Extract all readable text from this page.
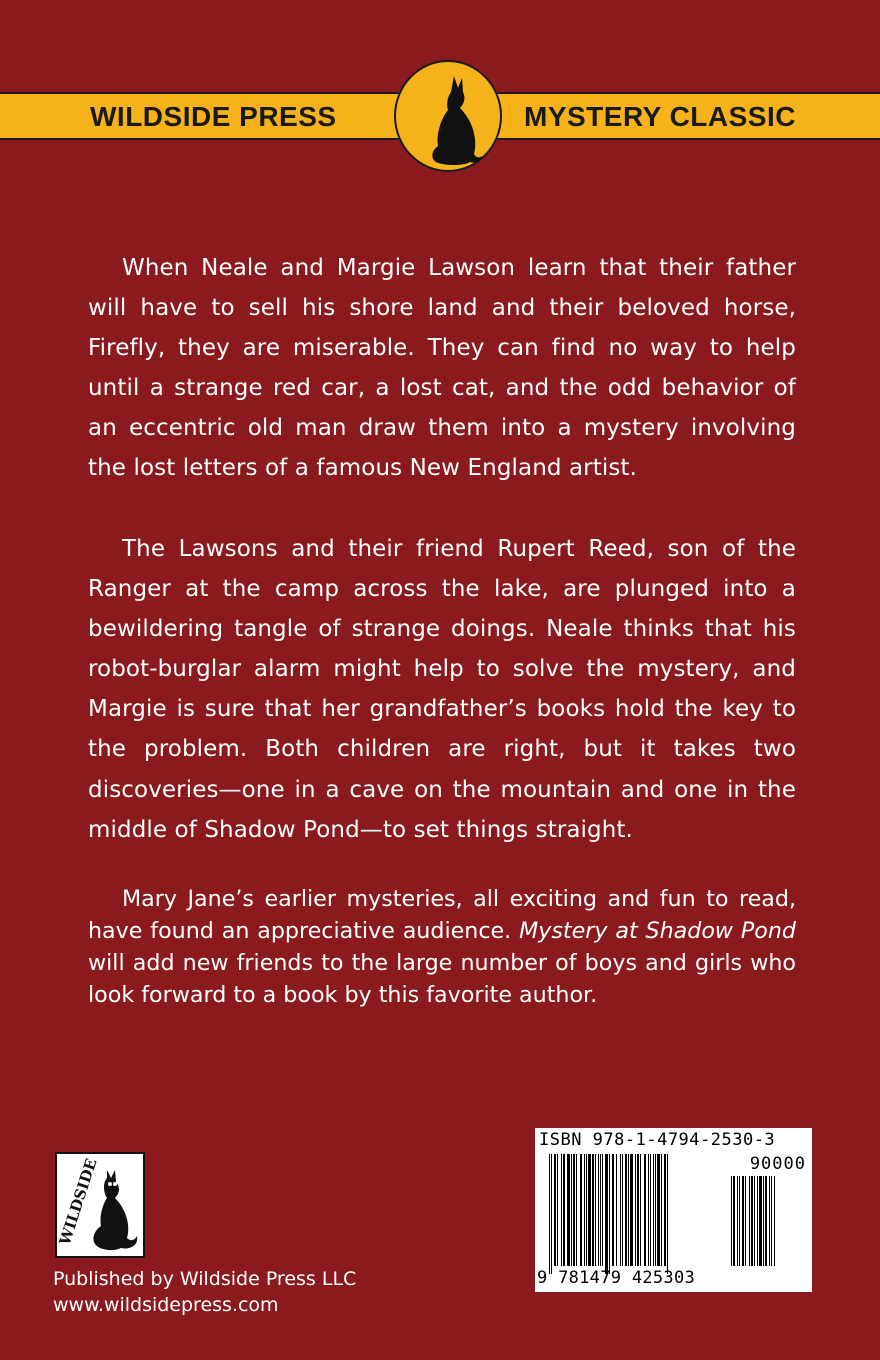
WILDSIDE PRESS	MYSTERY CLASSIC

When Neale and Margie Lawson learn that their father will have to sell his shore land and their beloved horse, Firefly, they are miserable. They can find no way to help until a strange red car, a lost cat, and the odd behavior of an eccentric old man draw them into a mystery involving the lost letters of a famous New England artist.

The Lawsons and their friend Rupert Reed, son of the Ranger at the camp across the lake, are plunged into a bewildering tangle of strange doings. Neale thinks that his robot-burglar alarm might help to solve the mystery, and Margie is sure that her grandfather’s books hold the key to the problem. Both children are right, but it takes two discoveries—one in a cave on the mountain and one in the middle of Shadow Pond—to set things straight.

Mary Jane’s earlier mysteries, all exciting and fun to read, have found an appreciative audience. Mystery at Shadow Pond will add new friends to the large number of boys and girls who look forward to a book by this favorite author.

WILDSIDE
Published by Wildside Press LLC
www.wildsidepress.com
ISBN 978-1-4794-2530-3
90000
9 781479 425303
